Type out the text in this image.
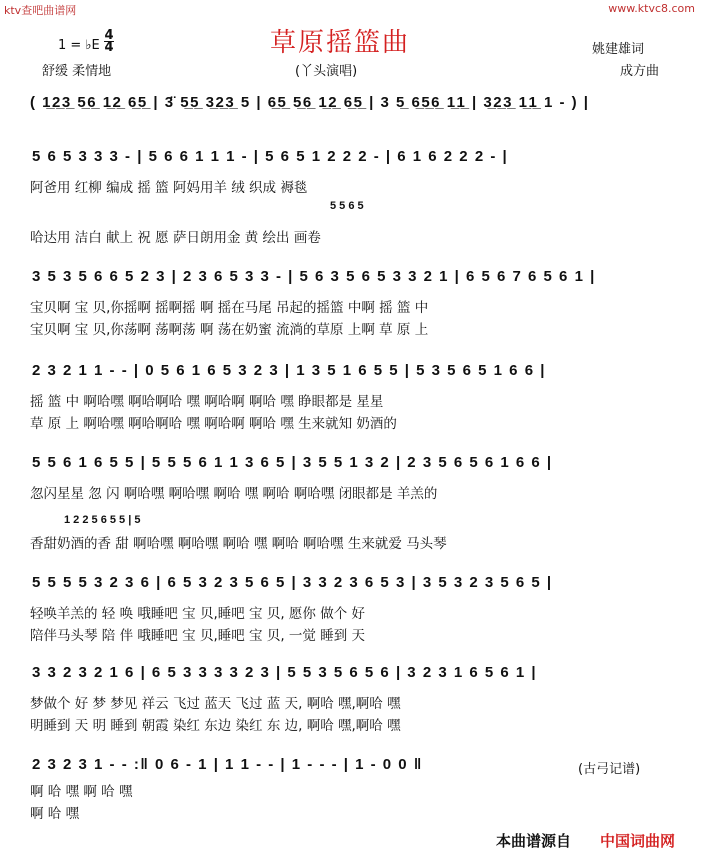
ktv查吧曲谱网	www.ktvc8.com
草原摇篮曲
1 = ♭E
4
4
舒缓 柔情地	(丫头演唱)
姚建雄词
成方曲
( 1̲2̲3̲ 5̲6̲ 1̲2̲ 6̲5̲ | 3̈ 5̲5̲ 3̲2̲3̲ 5 | 6̲5̲ 5̲6̲ 1̲2̲ 6̲5̲ | 3 5̲ 6̲5̲6̲ 1̲1̲ | 3̲2̲3̲ 1̲1̲ 1 - ) |
5 6 5 3 3 3 - | 5 6 6 1 1 1 - | 5 6 5 1 2 2 2 - | 6 1 6 2 2 2 - |
阿爸用 红柳 编成 摇 篮 阿妈用羊 绒 织成 褥毯
5 5 6 5
哈达用 洁白 献上 祝 愿 萨日朗用金 黄 绘出 画卷
3 5 3 5 6 6 5 2 3 | 2 3 6 5 3 3 - | 5 6 3 5 6 5 3 3 2 1 | 6 5 6 7 6 5 6 1 |
宝贝啊 宝 贝,你摇啊 摇啊摇 啊 摇在马尾 吊起的摇篮 中啊 摇 篮 中
宝贝啊 宝 贝,你荡啊 荡啊荡 啊 荡在奶蜜 流淌的草原 上啊 草 原 上
2 3 2 1 1 - - | 0 5 6 1 6 5 3 2 3 | 1 3 5 1 6 5 5 | 5 3 5 6 5 1 6 6 |
摇 篮 中 啊哈嘿 啊哈啊哈 嘿 啊哈啊 啊哈 嘿 睁眼都是 星星
草 原 上 啊哈嘿 啊哈啊哈 嘿 啊哈啊 啊哈 嘿 生来就知 奶酒的
5 5 6 1 6 5 5 | 5 5 5 6 1 1 3 6 5 | 3 5 5 1 3 2 | 2 3 5 6 5 6 1 6 6 |
忽闪星星 忽 闪 啊哈嘿 啊哈嘿 啊哈 嘿 啊哈 啊哈嘿 闭眼都是 羊羔的
1 2 2 5 6 5 5 | 5
香甜奶酒的香 甜 啊哈嘿 啊哈嘿 啊哈 嘿 啊哈 啊哈嘿 生来就爱 马头琴
5 5 5 5 3 2 3 6 | 6 5 3 2 3 5 6 5 | 3 3 2 3 6 5 3 | 3 5 3 2 3 5 6 5 |
轻唤羊羔的 轻 唤 哦睡吧 宝 贝,睡吧 宝 贝, 愿你 做个 好
陪伴马头琴 陪 伴 哦睡吧 宝 贝,睡吧 宝 贝, 一觉 睡到 天
3 3 2 3 2 1 6 | 6 5 3 3 3 3 2 3 | 5 5 3 5 6 5 6 | 3 2 3 1 6 5 6 1 |
梦做个 好 梦 梦见 祥云 飞过 蓝天 飞过 蓝 天, 啊哈 嘿,啊哈 嘿
明睡到 天 明 睡到 朝霞 染红 东边 染红 东 边, 啊哈 嘿,啊哈 嘿
2 3 2 3 1 - - :‖ 0 6 - 1 | 1 1 - - | 1 - - - | 1 - 0 0 ‖	(古弓记谱)
啊 哈 嘿 啊 哈 嘿
啊 哈 嘿
本曲谱源自 中国词曲网
